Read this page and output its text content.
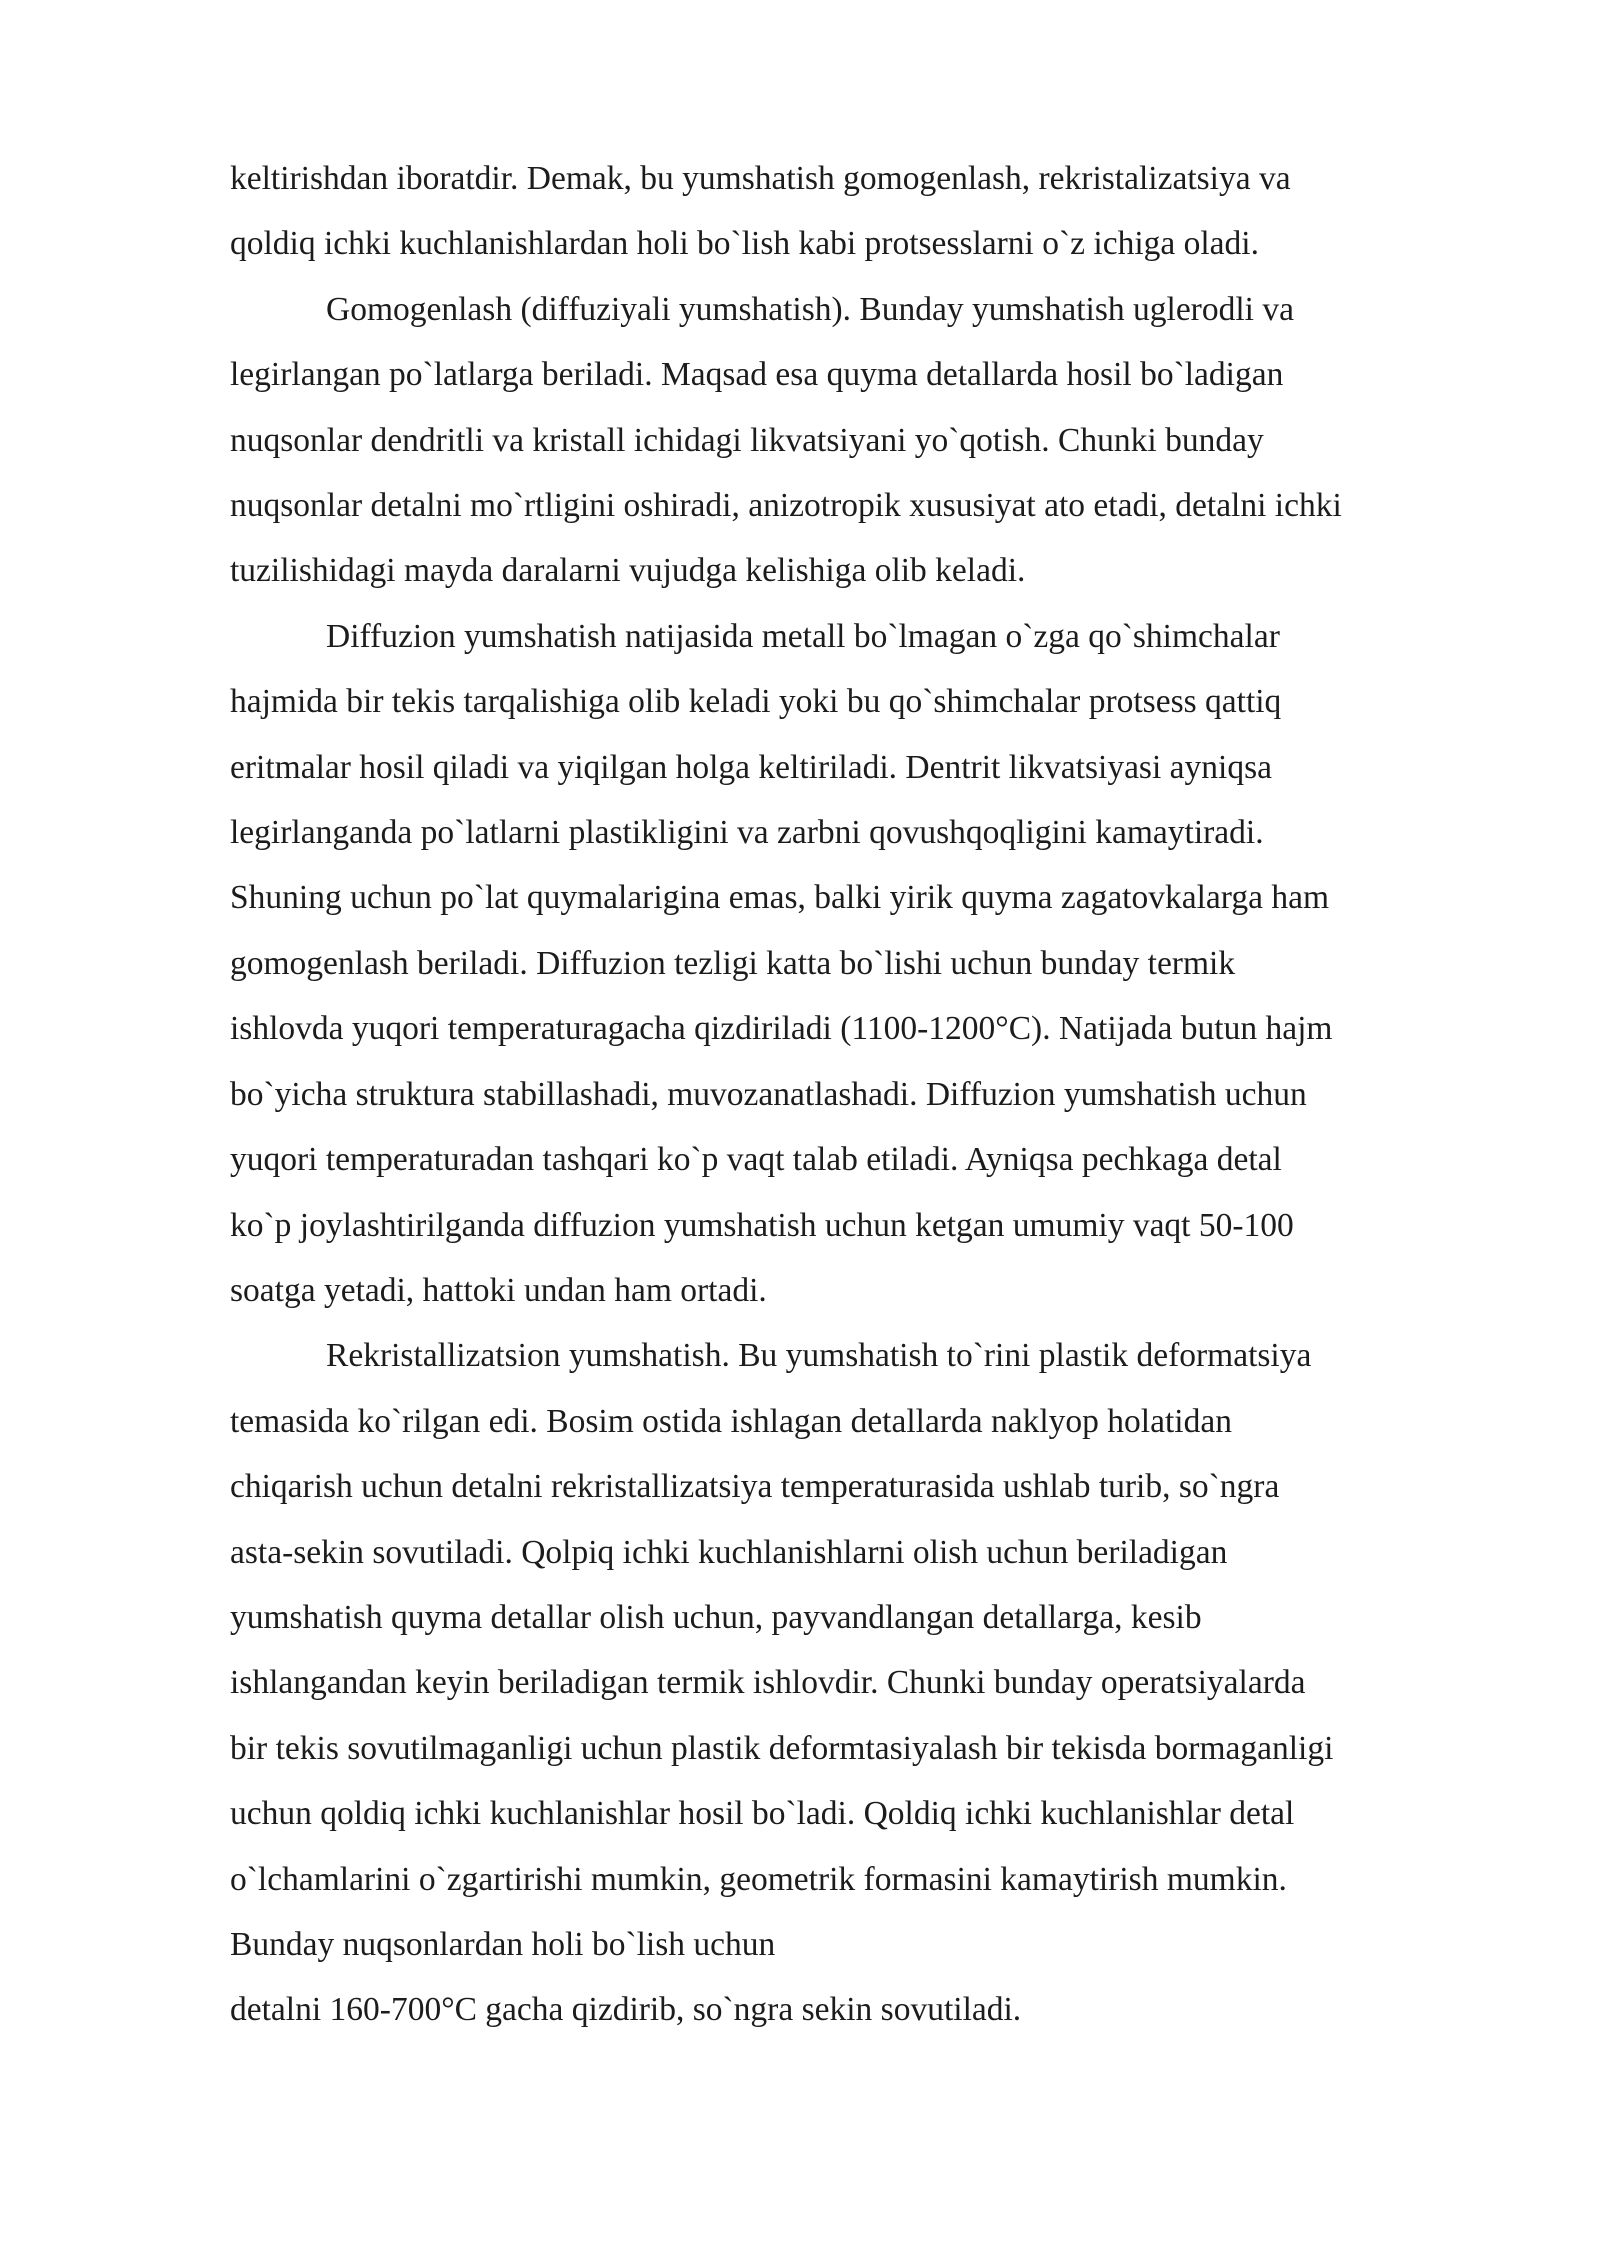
keltirishdan iboratdir. Demak, bu yumshatish gomogenlash, rekristalizatsiya va
qoldiq ichki kuchlanishlardan holi bo`lish kabi protsesslarni o`z ichiga oladi.

Gomogenlash (diffuziyali yumshatish). Bunday yumshatish uglerodli va
legirlangan po`latlarga beriladi. Maqsad esa quyma detallarda hosil bo`ladigan
nuqsonlar dendritli va kristall ichidagi likvatsiyani yo`qotish. Chunki bunday
nuqsonlar detalni mo`rtligini oshiradi, anizotropik xususiyat ato etadi, detalni ichki
tuzilishidagi mayda daralarni vujudga kelishiga olib keladi.

Diffuzion yumshatish natijasida metall bo`lmagan o`zga qo`shimchalar
hajmida bir tekis tarqalishiga olib keladi yoki bu qo`shimchalar protsess qattiq
eritmalar hosil qiladi va yiqilgan holga keltiriladi. Dentrit likvatsiyasi ayniqsa
legirlanganda po`latlarni plastikligini va zarbni qovushqoqligini kamaytiradi.
Shuning uchun po`lat quymalarigina emas, balki yirik quyma zagatovkalarga ham
gomogenlash beriladi. Diffuzion tezligi katta bo`lishi uchun bunday termik
ishlovda yuqori temperaturagacha qizdiriladi (1100-1200°C). Natijada butun hajm
bo`yicha struktura stabillashadi, muvozanatlashadi. Diffuzion yumshatish uchun
yuqori temperaturadan tashqari ko`p vaqt talab etiladi. Ayniqsa pechkaga detal
ko`p joylashtirilganda diffuzion yumshatish uchun ketgan umumiy vaqt 50-100
soatga yetadi, hattoki undan ham ortadi.

Rekristallizatsion yumshatish. Bu yumshatish to`rini plastik deformatsiya
temasida ko`rilgan edi. Bosim ostida ishlagan detallarda naklyop holatidan
chiqarish uchun detalni rekristallizatsiya temperaturasida ushlab turib, so`ngra
asta-sekin sovutiladi. Qolpiq ichki kuchlanishlarni olish uchun beriladigan
yumshatish quyma detallar olish uchun, payvandlangan detallarga, kesib
ishlangandan keyin beriladigan termik ishlovdir. Chunki bunday operatsiyalarda
bir tekis sovutilmaganligi uchun plastik deformtasiyalash bir tekisda bormaganligi
uchun qoldiq ichki kuchlanishlar hosil bo`ladi. Qoldiq ichki kuchlanishlar detal
o`lchamlarini o`zgartirishi mumkin, geometrik formasini kamaytirish mumkin.
Bunday nuqsonlardan holi bo`lish uchun
detalni 160-700°C gacha qizdirib, so`ngra sekin sovutiladi.
